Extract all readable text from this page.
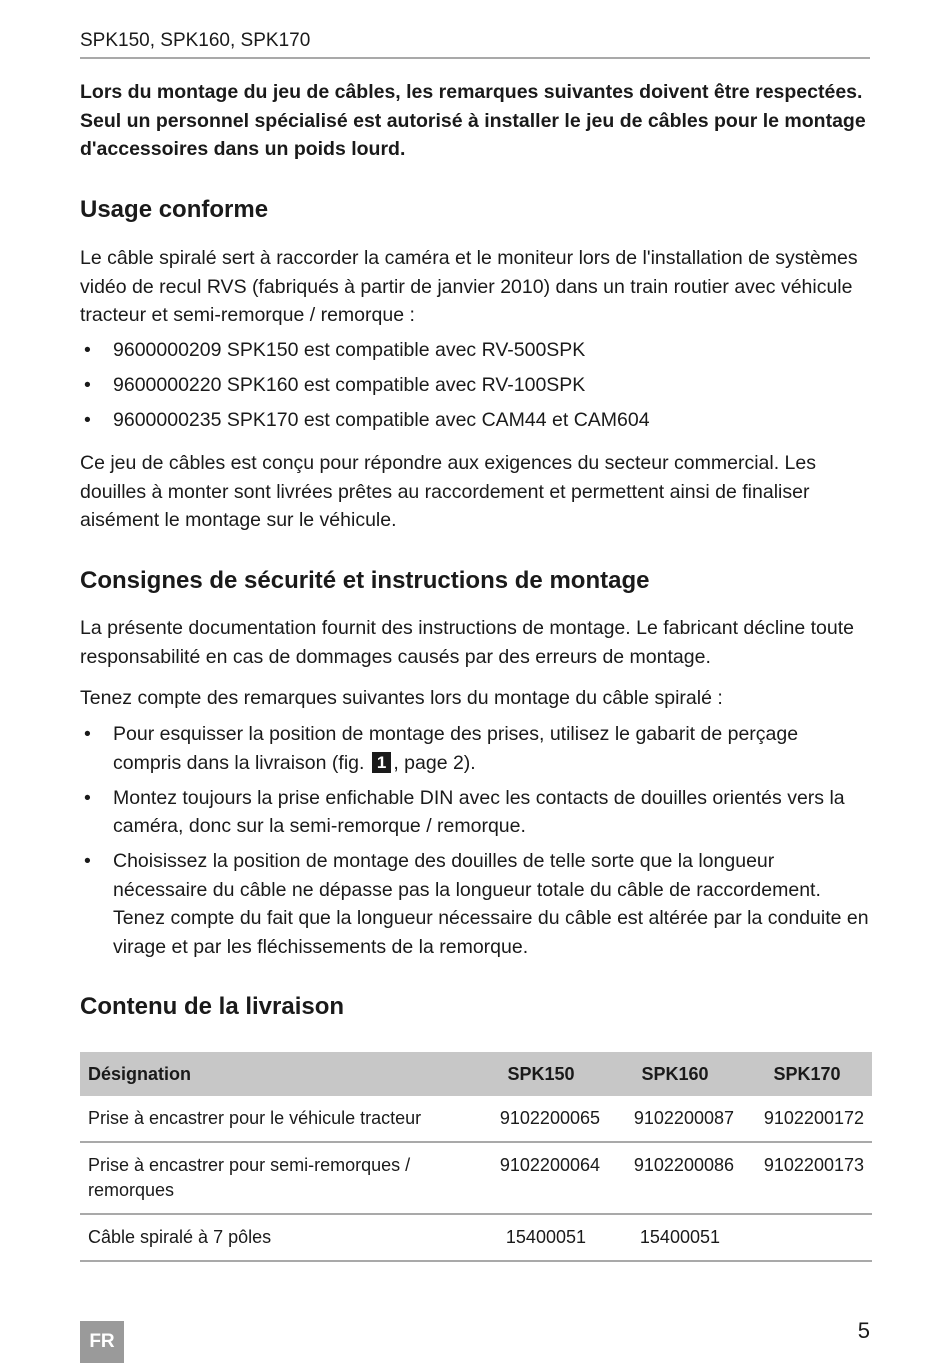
SPK150, SPK160, SPK170
Lors du montage du jeu de câbles, les remarques suivantes doivent être respectées. Seul un personnel spécialisé est autorisé à installer le jeu de câbles pour le montage d'accessoires dans un poids lourd.
Usage conforme
Le câble spiralé sert à raccorder la caméra et le moniteur lors de l'installation de systèmes vidéo de recul RVS (fabriqués à partir de janvier 2010) dans un train routier avec véhicule tracteur et semi-remorque / remorque :
• 9600000209 SPK150 est compatible avec RV-500SPK
• 9600000220 SPK160 est compatible avec RV-100SPK
• 9600000235 SPK170 est compatible avec CAM44 et CAM604
Ce jeu de câbles est conçu pour répondre aux exigences du secteur commercial. Les douilles à monter sont livrées prêtes au raccordement et permettent ainsi de finaliser aisément le montage sur le véhicule.
Consignes de sécurité et instructions de montage
La présente documentation fournit des instructions de montage. Le fabricant décline toute responsabilité en cas de dommages causés par des erreurs de montage.
Tenez compte des remarques suivantes lors du montage du câble spiralé :
• Pour esquisser la position de montage des prises, utilisez le gabarit de perçage compris dans la livraison (fig. 1 , page 2).
• Montez toujours la prise enfichable DIN avec les contacts de douilles orientés vers la caméra, donc sur la semi-remorque / remorque.
• Choisissez la position de montage des douilles de telle sorte que la longueur nécessaire du câble ne dépasse pas la longueur totale du câble de raccordement. Tenez compte du fait que la longueur nécessaire du câble est altérée par la conduite en virage et par les fléchissements de la remorque.
Contenu de la livraison
Désignation	SPK150	SPK160	SPK170
Prise à encastrer pour le véhicule tracteur	9102200065	9102200087	9102200172
Prise à encastrer pour semi-remorques / remorques	9102200064	9102200086	9102200173
Câble spiralé à 7 pôles	15400051	15400051	
FR	5
